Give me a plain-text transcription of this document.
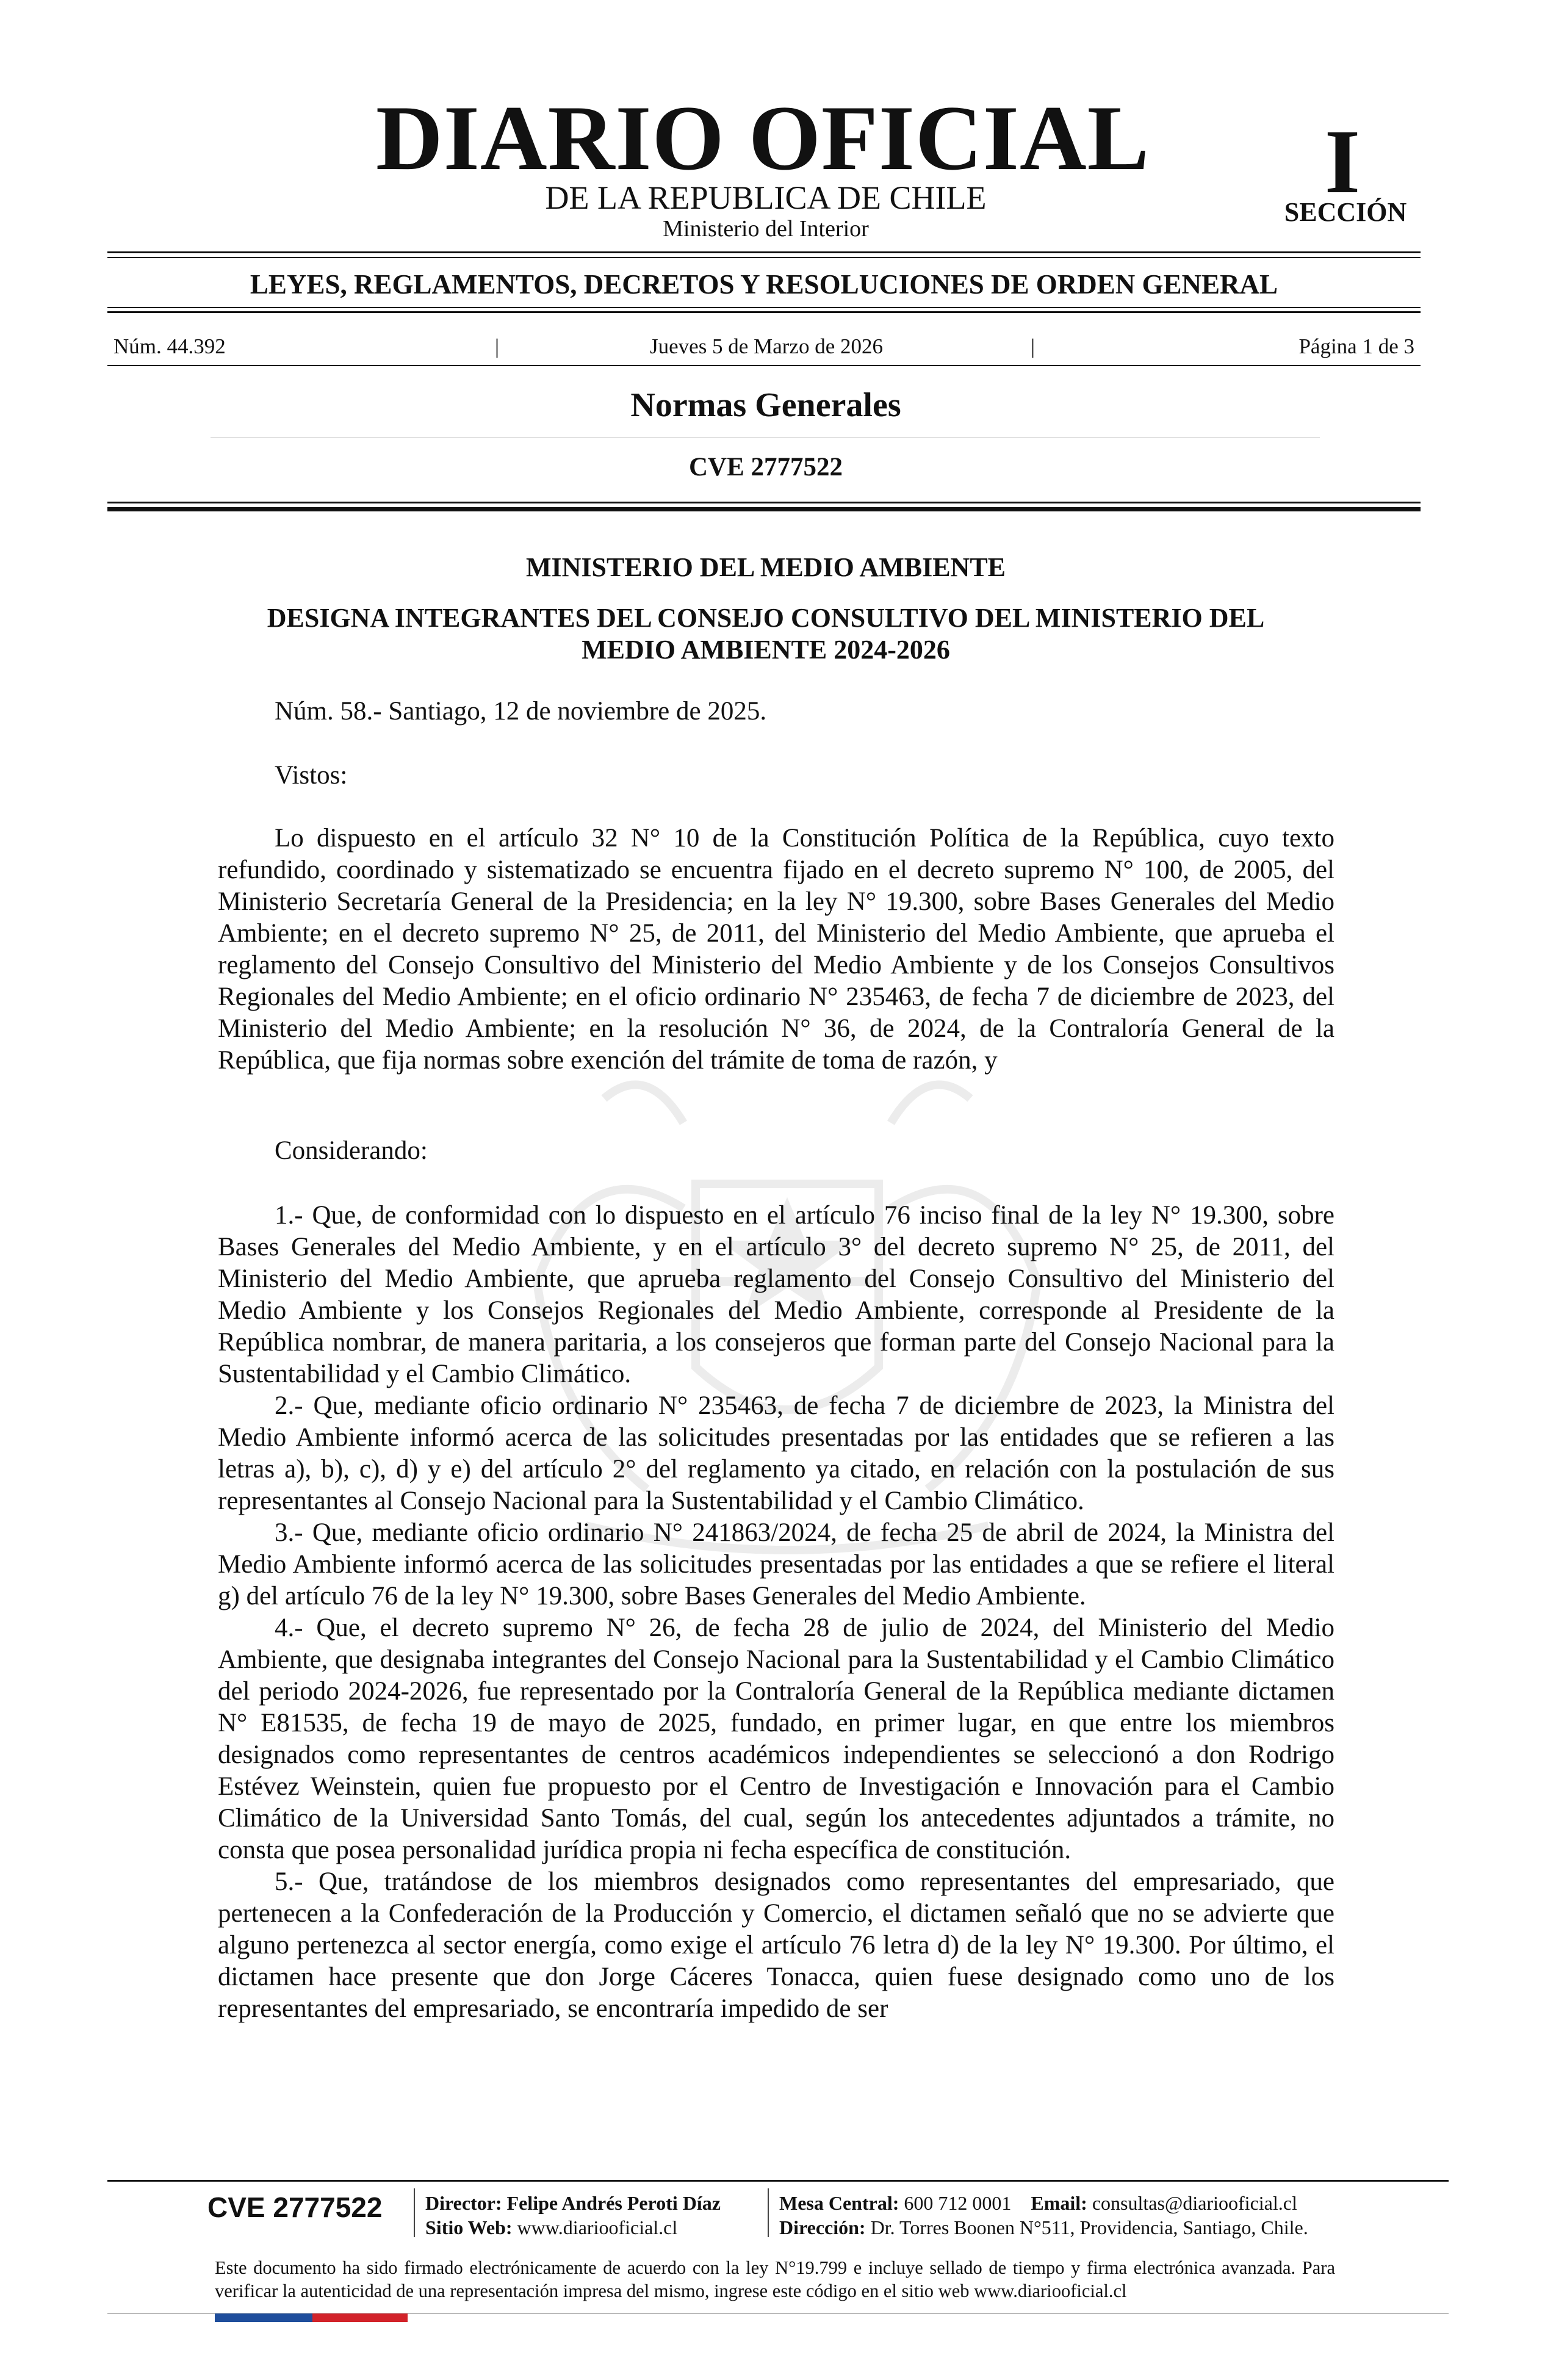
DIARIO OFICIAL
DE LA REPUBLICA DE CHILE
Ministerio del Interior
I
SECCIÓN
LEYES, REGLAMENTOS, DECRETOS Y RESOLUCIONES DE ORDEN GENERAL
Núm. 44.392	|	Jueves 5 de Marzo de 2026	|	Página 1 de 3
Normas Generales
CVE 2777522
MINISTERIO DEL MEDIO AMBIENTE
DESIGNA INTEGRANTES DEL CONSEJO CONSULTIVO DEL MINISTERIO DEL
MEDIO AMBIENTE 2024-2026
Núm. 58.- Santiago, 12 de noviembre de 2025.
Vistos:
Lo dispuesto en el artículo 32 N° 10 de la Constitución Política de la República, cuyo texto refundido, coordinado y sistematizado se encuentra fijado en el decreto supremo N° 100, de 2005, del Ministerio Secretaría General de la Presidencia; en la ley N° 19.300, sobre Bases Generales del Medio Ambiente; en el decreto supremo N° 25, de 2011, del Ministerio del Medio Ambiente, que aprueba el reglamento del Consejo Consultivo del Ministerio del Medio Ambiente y de los Consejos Consultivos Regionales del Medio Ambiente; en el oficio ordinario N° 235463, de fecha 7 de diciembre de 2023, del Ministerio del Medio Ambiente; en la resolución N° 36, de 2024, de la Contraloría General de la República, que fija normas sobre exención del trámite de toma de razón, y
Considerando:
1.- Que, de conformidad con lo dispuesto en el artículo 76 inciso final de la ley N° 19.300, sobre Bases Generales del Medio Ambiente, y en el artículo 3° del decreto supremo N° 25, de 2011, del Ministerio del Medio Ambiente, que aprueba reglamento del Consejo Consultivo del Ministerio del Medio Ambiente y los Consejos Regionales del Medio Ambiente, corresponde al Presidente de la República nombrar, de manera paritaria, a los consejeros que forman parte del Consejo Nacional para la Sustentabilidad y el Cambio Climático.
2.- Que, mediante oficio ordinario N° 235463, de fecha 7 de diciembre de 2023, la Ministra del Medio Ambiente informó acerca de las solicitudes presentadas por las entidades que se refieren a las letras a), b), c), d) y e) del artículo 2° del reglamento ya citado, en relación con la postulación de sus representantes al Consejo Nacional para la Sustentabilidad y el Cambio Climático.
3.- Que, mediante oficio ordinario N° 241863/2024, de fecha 25 de abril de 2024, la Ministra del Medio Ambiente informó acerca de las solicitudes presentadas por las entidades a que se refiere el literal g) del artículo 76 de la ley N° 19.300, sobre Bases Generales del Medio Ambiente.
4.- Que, el decreto supremo N° 26, de fecha 28 de julio de 2024, del Ministerio del Medio Ambiente, que designaba integrantes del Consejo Nacional para la Sustentabilidad y el Cambio Climático del periodo 2024-2026, fue representado por la Contraloría General de la República mediante dictamen N° E81535, de fecha 19 de mayo de 2025, fundado, en primer lugar, en que entre los miembros designados como representantes de centros académicos independientes se seleccionó a don Rodrigo Estévez Weinstein, quien fue propuesto por el Centro de Investigación e Innovación para el Cambio Climático de la Universidad Santo Tomás, del cual, según los antecedentes adjuntados a trámite, no consta que posea personalidad jurídica propia ni fecha específica de constitución.
5.- Que, tratándose de los miembros designados como representantes del empresariado, que pertenecen a la Confederación de la Producción y Comercio, el dictamen señaló que no se advierte que alguno pertenezca al sector energía, como exige el artículo 76 letra d) de la ley N° 19.300. Por último, el dictamen hace presente que don Jorge Cáceres Tonacca, quien fuese designado como uno de los representantes del empresariado, se encontraría impedido de ser
CVE 2777522 Director: Felipe Andrés Peroti Díaz
Sitio Web: www.diariooficial.cl
Mesa Central: 600 712 0001 Email: consultas@diariooficial.cl
Dirección: Dr. Torres Boonen N°511, Providencia, Santiago, Chile.
Este documento ha sido firmado electrónicamente de acuerdo con la ley N°19.799 e incluye sellado de tiempo y firma electrónica avanzada. Para verificar la autenticidad de una representación impresa del mismo, ingrese este código en el sitio web www.diariooficial.cl
